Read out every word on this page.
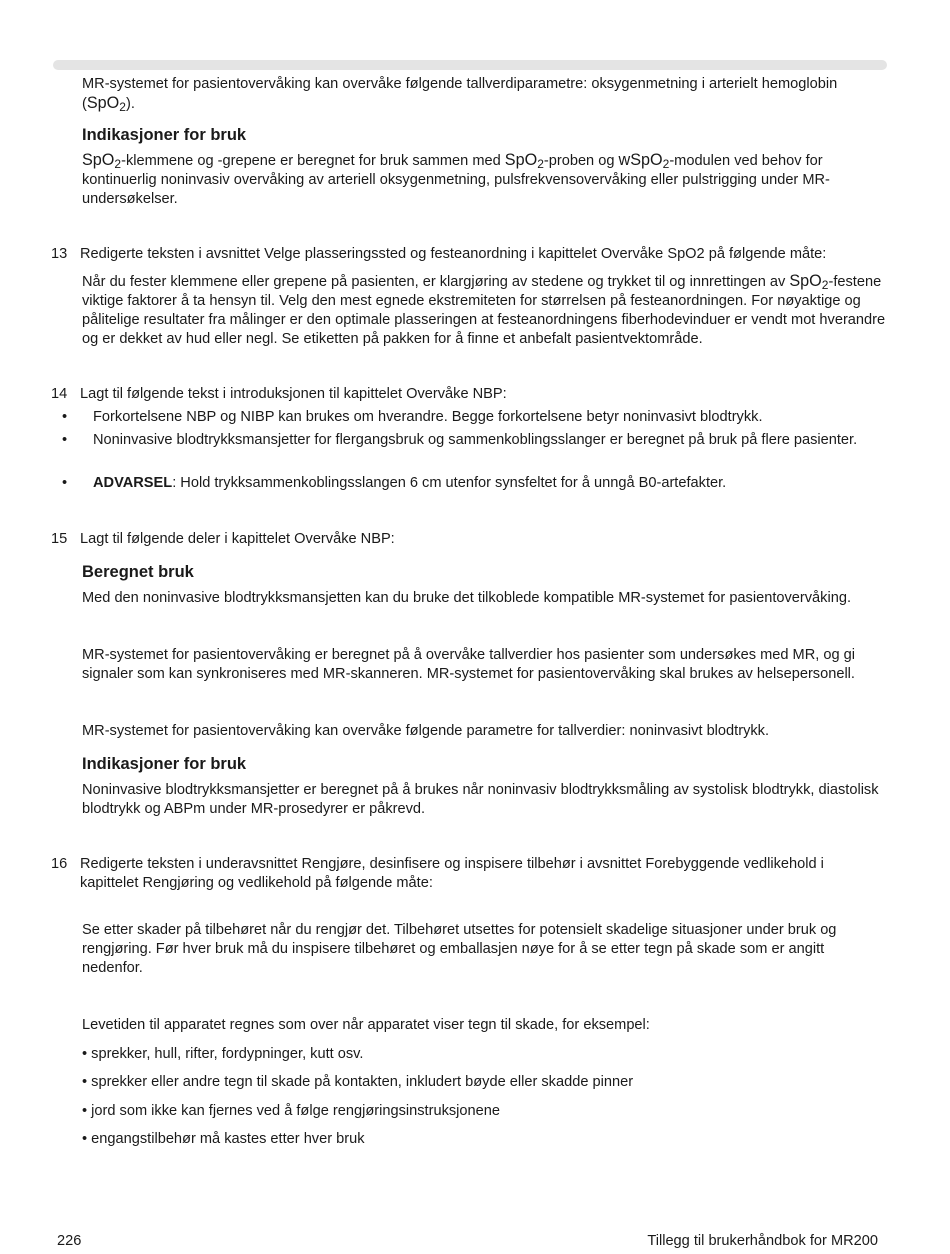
MR-systemet for pasientovervåking kan overvåke følgende tallverdiparametre: oksygenmetning i arterielt hemoglobin (SpO$_2$).
Indikasjoner for bruk
SpO$_2$-klemmene og -grepene er beregnet for bruk sammen med SpO$_2$-proben og wSpO$_2$-modulen ved behov for kontinuerlig noninvasiv overvåking av arteriell oksygenmetning, pulsfrekvensovervåking eller pulstrigging under MR-undersøkelser.
13 Redigerte teksten i avsnittet Velge plasseringssted og festeanordning i kapittelet Overvåke SpO2 på følgende måte:
Når du fester klemmene eller grepene på pasienten, er klargjøring av stedene og trykket til og innrettingen av SpO$_2$-festene viktige faktorer å ta hensyn til. Velg den mest egnede ekstremiteten for størrelsen på festeanordningen. For nøyaktige og pålitelige resultater fra målinger er den optimale plasseringen at festeanordningens fiberhodevinduer er vendt mot hverandre og er dekket av hud eller negl. Se etiketten på pakken for å finne et anbefalt pasientvektområde.
14 Lagt til følgende tekst i introduksjonen til kapittelet Overvåke NBP:
• Forkortelsene NBP og NIBP kan brukes om hverandre. Begge forkortelsene betyr noninvasivt blodtrykk.
• Noninvasive blodtrykksmansjetter for flergangsbruk og sammenkoblingsslanger er beregnet på bruk på flere pasienter.
• ADVARSEL: Hold trykksammenkoblingsslangen 6 cm utenfor synsfeltet for å unngå B0-artefakter.
15 Lagt til følgende deler i kapittelet Overvåke NBP:
Beregnet bruk
Med den noninvasive blodtrykksmansjetten kan du bruke det tilkoblede kompatible MR-systemet for pasientovervåking.
MR-systemet for pasientovervåking er beregnet på å overvåke tallverdier hos pasienter som undersøkes med MR, og gi signaler som kan synkroniseres med MR-skanneren. MR-systemet for pasientovervåking skal brukes av helsepersonell.
MR-systemet for pasientovervåking kan overvåke følgende parametre for tallverdier: noninvasivt blodtrykk.
Indikasjoner for bruk
Noninvasive blodtrykksmansjetter er beregnet på å brukes når noninvasiv blodtrykksmåling av systolisk blodtrykk, diastolisk blodtrykk og ABPm under MR-prosedyrer er påkrevd.
16 Redigerte teksten i underavsnittet Rengjøre, desinfisere og inspisere tilbehør i avsnittet Forebyggende vedlikehold i kapittelet Rengjøring og vedlikehold på følgende måte:
Se etter skader på tilbehøret når du rengjør det. Tilbehøret utsettes for potensielt skadelige situasjoner under bruk og rengjøring. Før hver bruk må du inspisere tilbehøret og emballasjen nøye for å se etter tegn på skade som er angitt nedenfor.
Levetiden til apparatet regnes som over når apparatet viser tegn til skade, for eksempel:
• sprekker, hull, rifter, fordypninger, kutt osv.
• sprekker eller andre tegn til skade på kontakten, inkludert bøyde eller skadde pinner
• jord som ikke kan fjernes ved å følge rengjøringsinstruksjonene
• engangstilbehør må kastes etter hver bruk
226	Tillegg til brukerhåndbok for MR200
